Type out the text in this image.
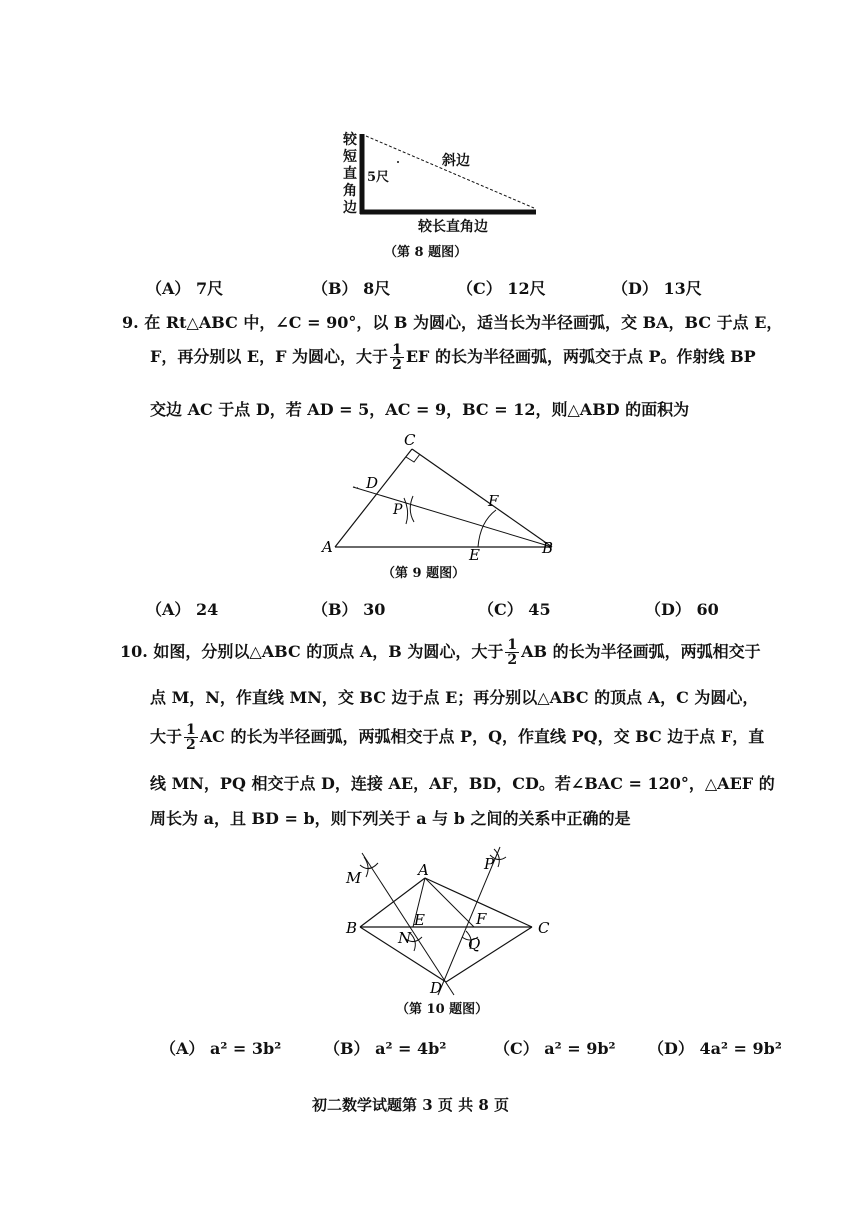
较
短
直
角
边
5尺
斜边
较长直角边
（第 8 题图）
（A） 7尺	（B） 8尺	（C） 12尺	（D） 13尺
9. 在 Rt△ABC 中，∠C = 90°，以 B 为圆心，适当长为半径画弧，交 BA，BC 于点 E，
F，再分别以 E，F 为圆心，大于 $\frac{1}{2}$ EF 的长为半径画弧，两弧交于点 P。作射线 BP
交边 AC 于点 D，若 AD = 5，AC = 9，BC = 12，则△ABD 的面积为
C
D
P	F
A	E	B
（第 9 题图）
（A） 24	（B） 30	（C） 45	（D） 60
10. 如图，分别以△ABC 的顶点 A，B 为圆心，大于 $\frac{1}{2}$ AB 的长为半径画弧，两弧相交于
点 M，N，作直线 MN，交 BC 边于点 E；再分别以△ABC 的顶点 A，C 为圆心，
大于 $\frac{1}{2}$ AC 的长为半径画弧，两弧相交于点 P，Q，作直线 PQ，交 BC 边于点 F，直
线 MN，PQ 相交于点 D，连接 AE，AF，BD，CD。若∠BAC = 120°，△AEF 的
周长为 a，且 BD = b，则下列关于 a 与 b 之间的关系中正确的是
M	A	P
B	E	F	C
N	Q
D
（第 10 题图）
（A） a² = 3b²	（B） a² = 4b²	（C） a² = 9b² （D） 4a² = 9b²
初二数学试题第 3 页 共 8 页
